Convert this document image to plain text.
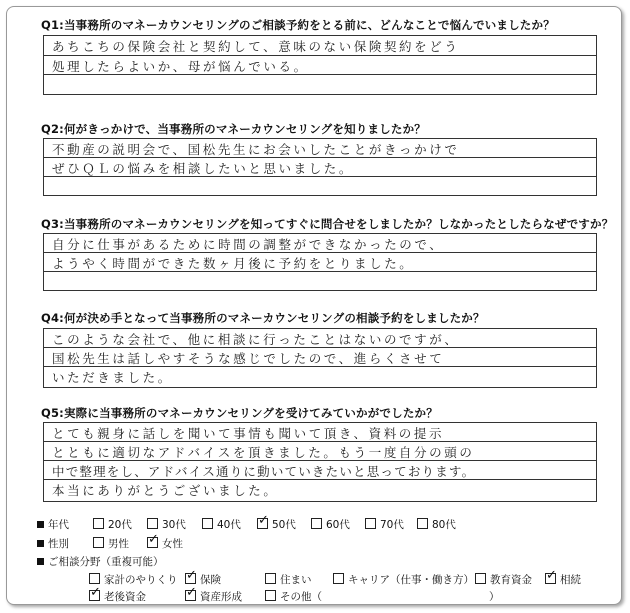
Q1:当事務所のマネーカウンセリングのご相談予約をとる前に、どんなことで悩んでいましたか？
あちこちの保険会社と契約して、意味のない保険契約をどう
処理したらよいか、母が悩んでいる。
Q2:何がきっかけで、当事務所のマネーカウンセリングを知りましたか？
不動産の説明会で、国松先生にお会いしたことがきっかけで
ぜひＱＬの悩みを相談したいと思いました。
Q3:当事務所のマネーカウンセリングを知ってすぐに問合せをしましたか？しなかったとしたらなぜですか？
自分に仕事があるために時間の調整ができなかったので、
ようやく時間ができた数ヶ月後に予約をとりました。
Q4:何が決め手となって当事務所のマネーカウンセリングの相談予約をしましたか？
このような会社で、他に相談に行ったことはないのですが、
国松先生は話しやすそうな感じでしたので、進らくさせて
いただきました。
Q5:実際に当事務所のマネーカウンセリングを受けてみていかがでしたか？
とても親身に話しを聞いて事情も聞いて頂き、資料の提示
とともに適切なアドバイスを頂きました。もう一度自分の頭の
中で整理をし、アドバイス通りに動いていきたいと思っております。
本当にありがとうございました。
年代	20代	30代	40代 ✓	50代	60代	70代	80代
性別	男性 ✓	女性
ご相談分野（重複可能）
家計のやりくり ✓	保険	住まい	キャリア（仕事・働き方）	教育資金 ✓	相続
✓老後資金 ✓	資産形成	その他（	）
